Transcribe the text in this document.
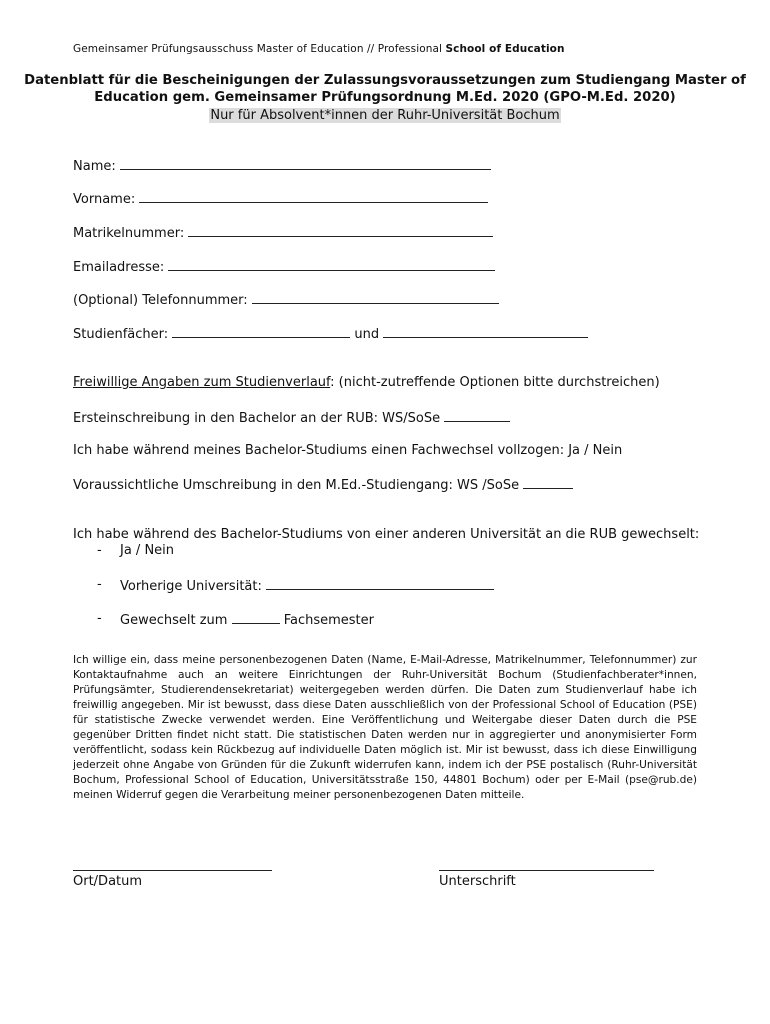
Gemeinsamer Prüfungsausschuss Master of Education // Professional School of Education
Datenblatt für die Bescheinigungen der Zulassungsvoraussetzungen zum Studiengang Master of
Education gem. Gemeinsamer Prüfungsordnung M.Ed. 2020 (GPO-M.Ed. 2020)
Nur für Absolvent*innen der Ruhr-Universität Bochum
Name:
Vorname:
Matrikelnummer:
Emailadresse:
(Optional) Telefonnummer:
Studienfächer:	und
Freiwillige Angaben zum Studienverlauf: (nicht-zutreffende Optionen bitte durchstreichen)
Ersteinschreibung in den Bachelor an der RUB: WS/SoSe
Ich habe während meines Bachelor-Studiums einen Fachwechsel vollzogen: Ja / Nein
Voraussichtliche Umschreibung in den M.Ed.-Studiengang: WS /SoSe
Ich habe während des Bachelor-Studiums von einer anderen Universität an die RUB gewechselt:
- Ja / Nein
- Vorherige Universität:
- Gewechselt zum	Fachsemester
Ich willige ein, dass meine personenbezogenen Daten (Name, E-Mail-Adresse, Matrikelnummer, Telefonnummer) zur Kontaktaufnahme auch an weitere Einrichtungen der Ruhr-Universität Bochum (Studienfachberater*innen, Prüfungsämter, Studierendensekretariat) weitergegeben werden dürfen. Die Daten zum Studienverlauf habe ich freiwillig angegeben. Mir ist bewusst, dass diese Daten ausschließlich von der Professional School of Education (PSE) für statistische Zwecke verwendet werden. Eine Veröffentlichung und Weitergabe dieser Daten durch die PSE gegenüber Dritten findet nicht statt. Die statistischen Daten werden nur in aggregierter und anonymisierter Form veröffentlicht, sodass kein Rückbezug auf individuelle Daten möglich ist. Mir ist bewusst, dass ich diese Einwilligung jederzeit ohne Angabe von Gründen für die Zukunft widerrufen kann, indem ich der PSE postalisch (Ruhr-Universität Bochum, Professional School of Education, Universitätsstraße 150, 44801 Bochum) oder per E-Mail (pse@rub.de) meinen Widerruf gegen die Verarbeitung meiner personenbezogenen Daten mitteile.
Ort/Datum	Unterschrift
